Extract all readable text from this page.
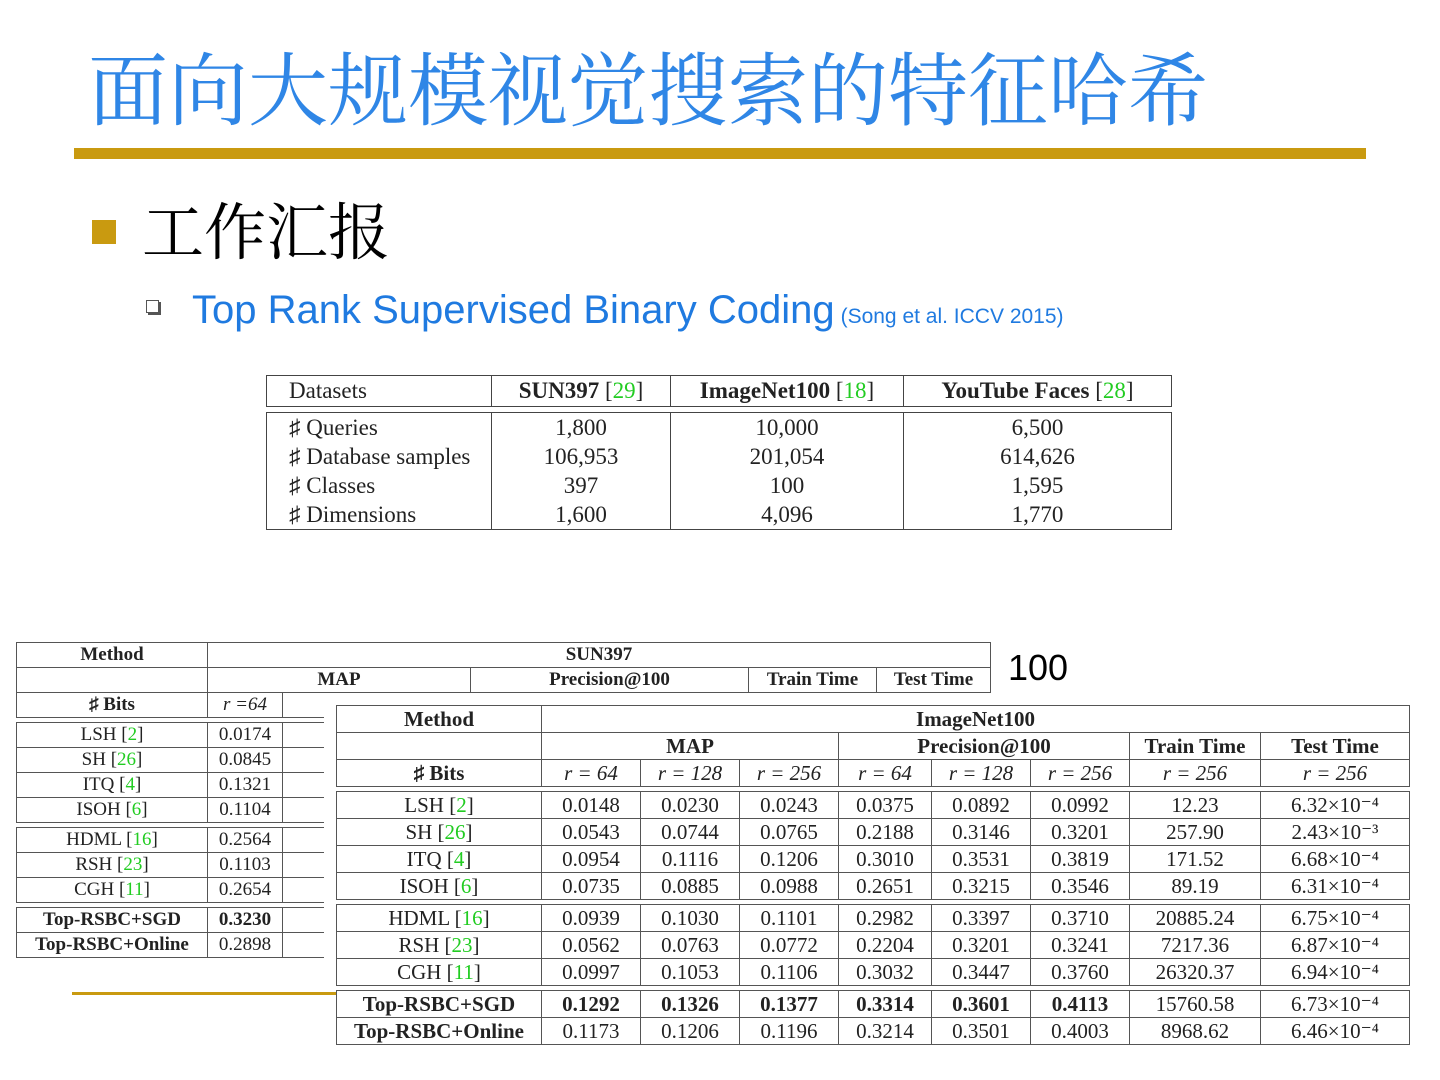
面向大规模视觉搜索的特征哈希
工作汇报
Top Rank Supervised Binary Coding (Song et al. ICCV 2015)
Datasets	SUN397 [29]	ImageNet100 [18]	YouTube Faces [28]

♯ Queries	1,800	10,000	6,500
♯ Database samples	106,953	201,054	614,626
♯ Classes	397	100	1,595
♯ Dimensions	1,600	4,096	1,770
Method	SUN397			
	MAP	Precision@100	Train Time	Test Time
♯ Bits	r =64		

LSH [2]	0.0174		
SH [26]	0.0845		
ITQ [4]	0.1321		
ISOH [6]	0.1104		

HDML [16]	0.2564		
RSH [23]	0.1103		
CGH [11]	0.2654		

Top-RSBC+SGD	0.3230		
Top-RSBC+Online	0.2898		
100
Method	ImageNet100							
	MAP			Precision@100			Train Time	Test Time
♯ Bits	r = 64	r = 128	r = 256	r = 64	r = 128	r = 256	r = 256	r = 256

LSH [2]	0.0148	0.0230	0.0243	0.0375	0.0892	0.0992	12.23	6.32×10⁻⁴
SH [26]	0.0543	0.0744	0.0765	0.2188	0.3146	0.3201	257.90	2.43×10⁻³
ITQ [4]	0.0954	0.1116	0.1206	0.3010	0.3531	0.3819	171.52	6.68×10⁻⁴
ISOH [6]	0.0735	0.0885	0.0988	0.2651	0.3215	0.3546	89.19	6.31×10⁻⁴

HDML [16]	0.0939	0.1030	0.1101	0.2982	0.3397	0.3710	20885.24	6.75×10⁻⁴
RSH [23]	0.0562	0.0763	0.0772	0.2204	0.3201	0.3241	7217.36	6.87×10⁻⁴
CGH [11]	0.0997	0.1053	0.1106	0.3032	0.3447	0.3760	26320.37	6.94×10⁻⁴

Top-RSBC+SGD	0.1292	0.1326	0.1377	0.3314	0.3601	0.4113	15760.58	6.73×10⁻⁴
Top-RSBC+Online	0.1173	0.1206	0.1196	0.3214	0.3501	0.4003	8968.62	6.46×10⁻⁴
